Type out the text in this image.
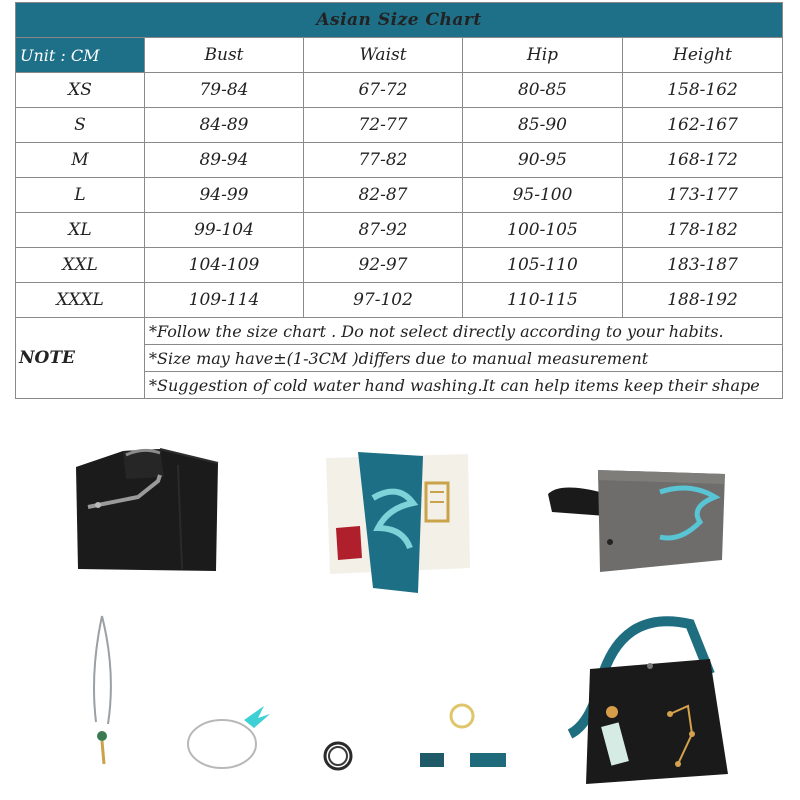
Asian Size Chart				
Unit : CM	Bust	Waist	Hip	Height
XS	79-84	67-72	80-85	158-162
S	84-89	72-77	85-90	162-167
M	89-94	77-82	90-95	168-172
L	94-99	82-87	95-100	173-177
XL	99-104	87-92	100-105	178-182
XXL	104-109	92-97	105-110	183-187
XXXL	109-114	97-102	110-115	188-192
NOTE	*Follow the size chart . Do not select directly according to your habits.			
	*Size may have±(1-3CM )differs due to manual measurement			
	*Suggestion of cold water hand washing.It can help items keep their shape			
